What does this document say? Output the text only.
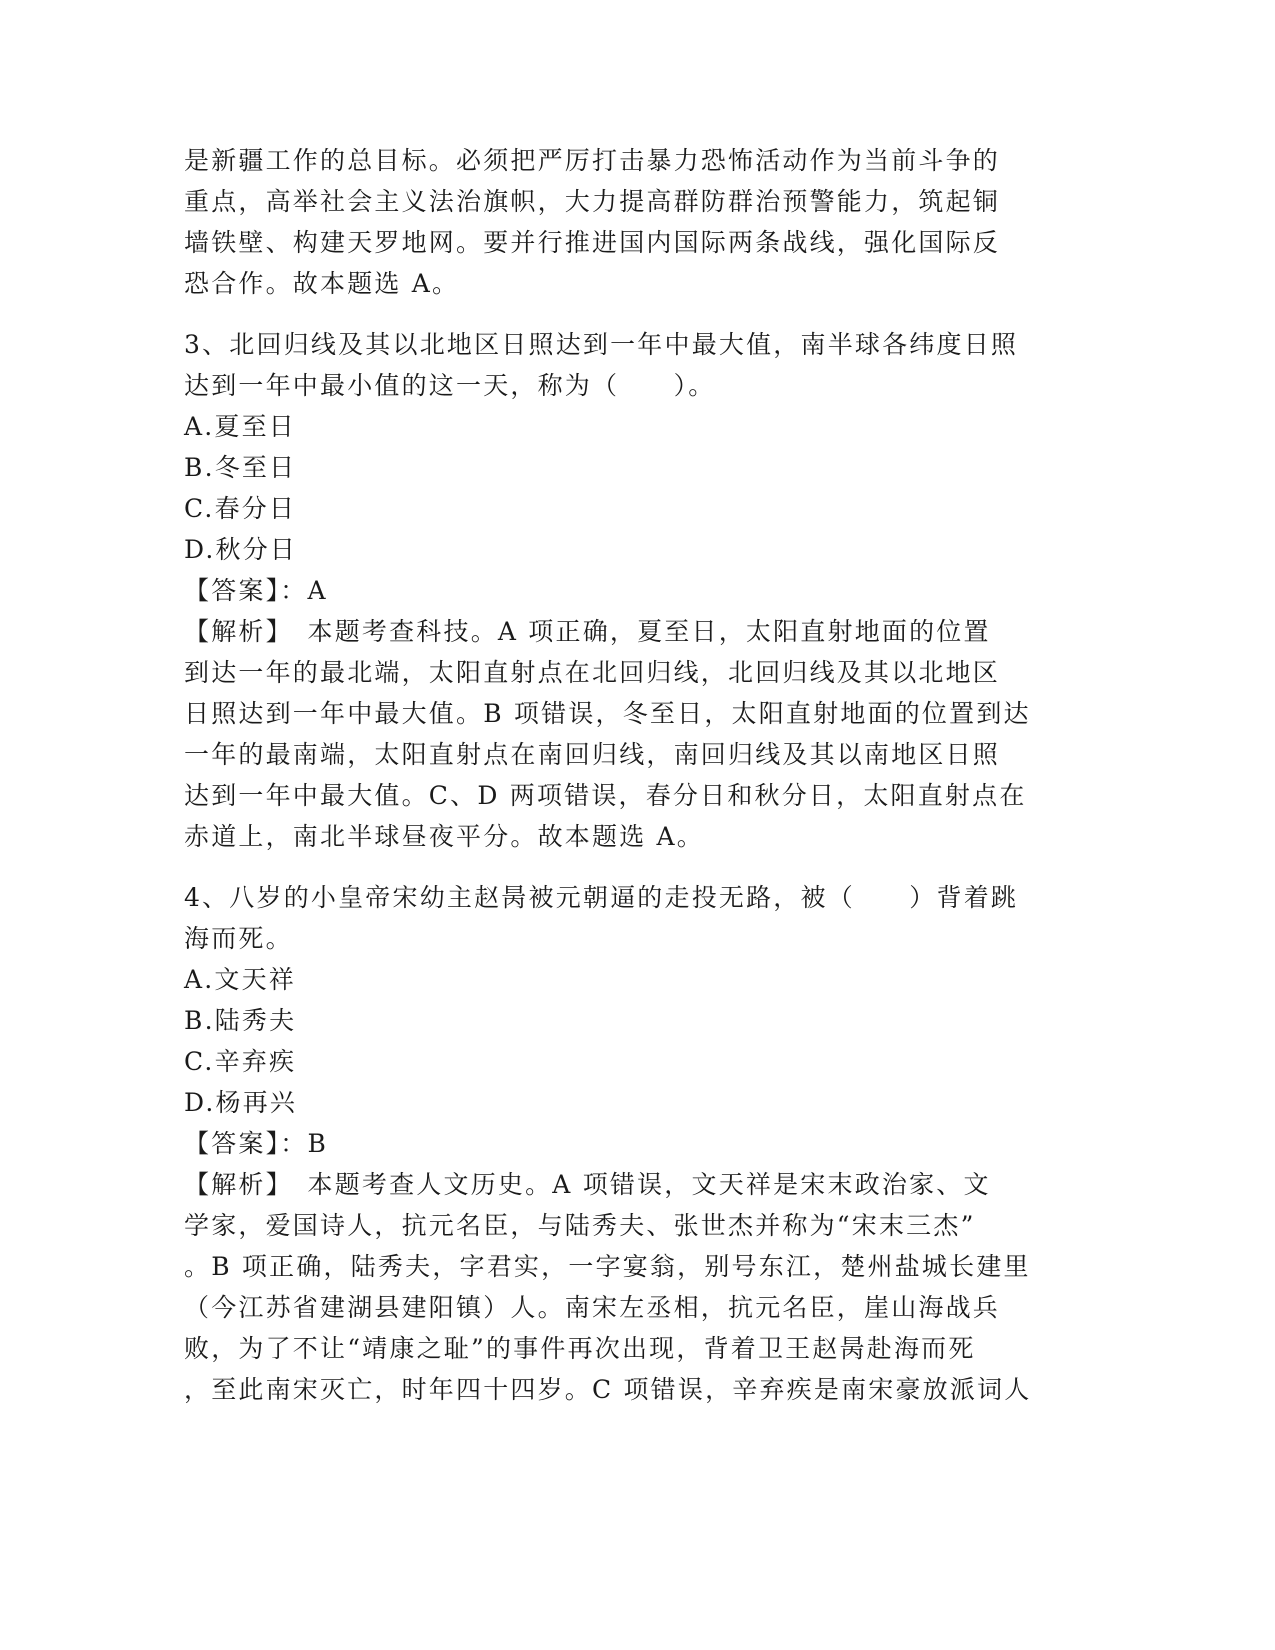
是新疆工作的总目标。必须把严厉打击暴力恐怖活动作为当前斗争的
重点，高举社会主义法治旗帜，大力提高群防群治预警能力，筑起铜
墙铁壁、构建天罗地网。要并行推进国内国际两条战线，强化国际反
恐合作。故本题选 A。
3、北回归线及其以北地区日照达到一年中最大值，南半球各纬度日照
达到一年中最小值的这一天，称为（　　）。
A.夏至日
B.冬至日
C.春分日
D.秋分日
【答案】：A
【解析】　本题考查科技。A 项正确，夏至日，太阳直射地面的位置
到达一年的最北端，太阳直射点在北回归线，北回归线及其以北地区
日照达到一年中最大值。B 项错误，冬至日，太阳直射地面的位置到达
一年的最南端，太阳直射点在南回归线，南回归线及其以南地区日照
达到一年中最大值。C、D 两项错误，春分日和秋分日，太阳直射点在
赤道上，南北半球昼夜平分。故本题选 A。
4、八岁的小皇帝宋幼主赵昺被元朝逼的走投无路，被（　　）背着跳
海而死。
A.文天祥
B.陆秀夫
C.辛弃疾
D.杨再兴
【答案】：B
【解析】　本题考查人文历史。A 项错误，文天祥是宋末政治家、文
学家，爱国诗人，抗元名臣，与陆秀夫、张世杰并称为“宋末三杰”
。B 项正确，陆秀夫，字君实，一字宴翁，别号东江，楚州盐城长建里
（今江苏省建湖县建阳镇）人。南宋左丞相，抗元名臣，崖山海战兵
败，为了不让“靖康之耻”的事件再次出现，背着卫王赵昺赴海而死
，至此南宋灭亡，时年四十四岁。C 项错误，辛弃疾是南宋豪放派词人
